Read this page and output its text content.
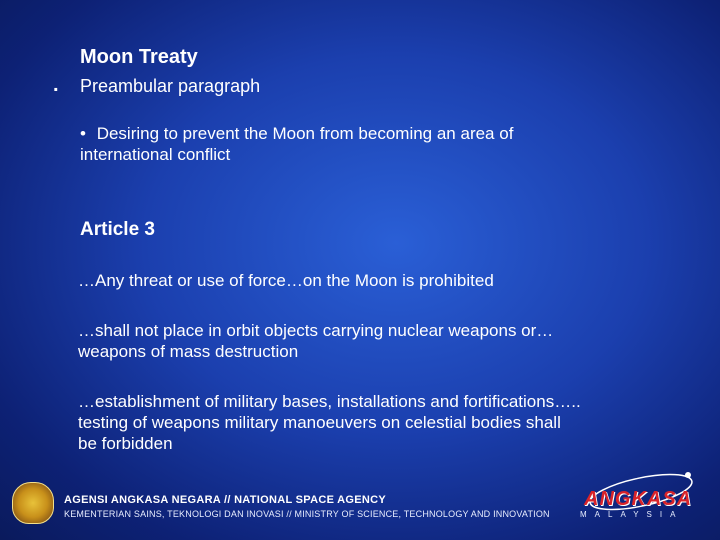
.
Moon Treaty
Preambular paragraph
• Desiring to prevent the Moon from becoming an area of
international conflict
Article 3
…Any threat or use of force…on the Moon is prohibited
…shall not place in orbit objects carrying nuclear weapons or…
weapons of mass destruction
…establishment of military bases, installations and fortifications…..
testing of weapons military manoeuvers on celestial bodies shall
be forbidden
AGENSI ANGKASA NEGARA // NATIONAL SPACE AGENCY
KEMENTERIAN SAINS, TEKNOLOGI DAN INOVASI // MINISTRY OF SCIENCE, TECHNOLOGY AND INNOVATION
ANGKASA
MALAYSIA
